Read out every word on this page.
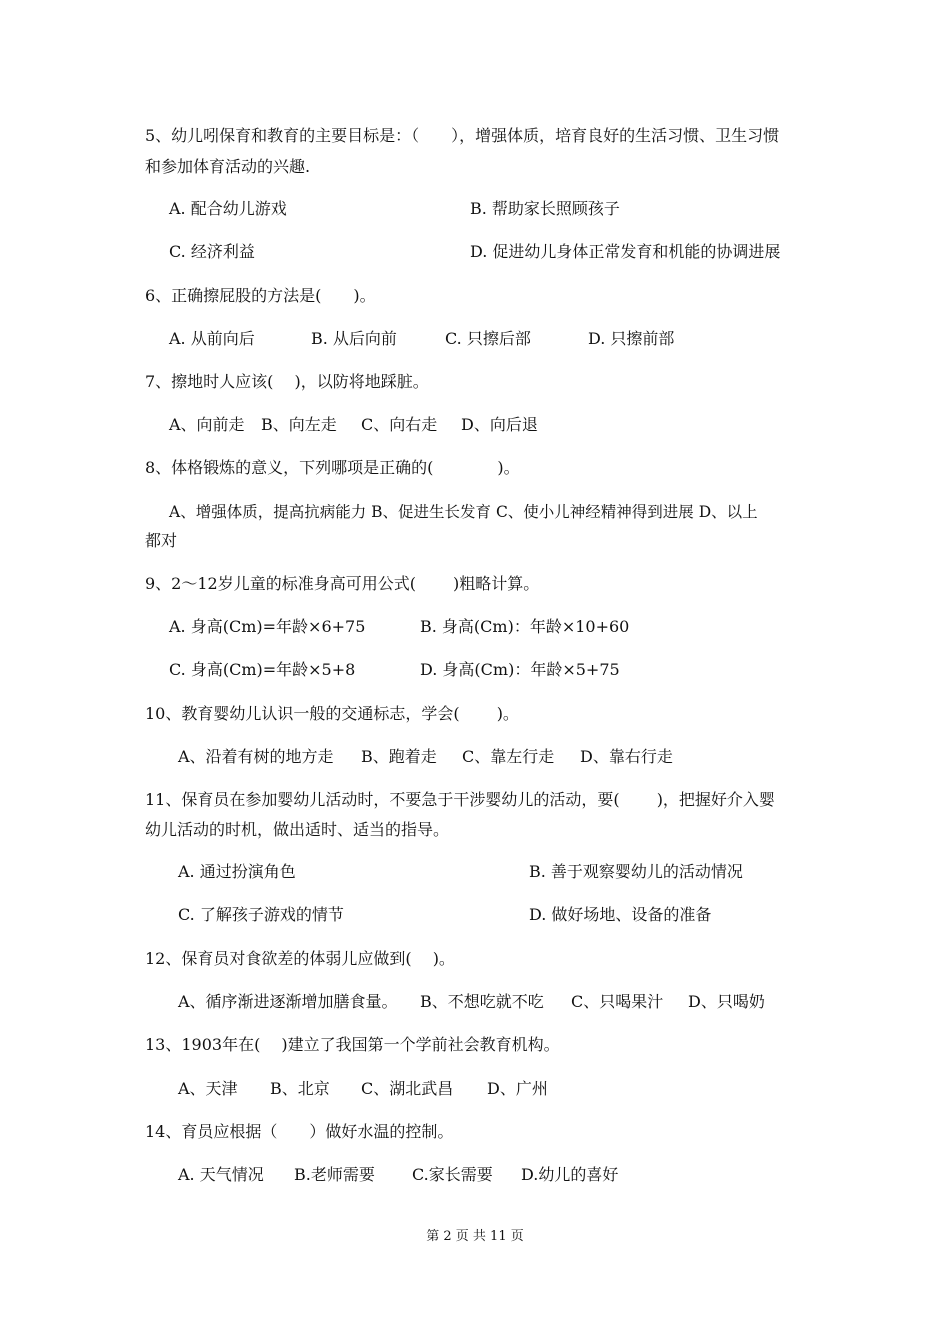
5、幼儿吲保育和教育的主要目标是：（　　），增强体质，培育良好的生活习惯、卫生习惯
和参加体育活动的兴趣.
A. 配合幼儿游戏	B. 帮助家长照顾孩子
C. 经济利益	D. 促进幼儿身体正常发育和机能的协调进展
6、正确擦屁股的方法是(　　)。
A. 从前向后	B. 从后向前	C. 只擦后部	D. 只擦前部
7、擦地时人应该(　 )，以防将地踩脏。
A、向前走 B、向左走 C、向右走 D、向后退
8、体格锻炼的意义，下列哪项是正确的(　　　　)。
A、增强体质，提高抗病能力 B、促进生长发育 C、使小儿神经精神得到进展 D、以上
都对
9、2～12岁儿童的标准身高可用公式(　　 )粗略计算。
A. 身高(Cm)=年龄×6+75	B. 身高(Cm)：年龄×10+60
C. 身高(Cm)=年龄×5+8	D. 身高(Cm)：年龄×5+75
10、教育婴幼儿认识一般的交通标志，学会(　　 )。
A、沿着有树的地方走 B、跑着走 C、靠左行走 D、靠右行走
11、保育员在参加婴幼儿活动时，不要急于干涉婴幼儿的活动，要(　　 )，把握好介入婴
幼儿活动的时机，做出适时、适当的指导。
A. 通过扮演角色	B. 善于观察婴幼儿的活动情况
C. 了解孩子游戏的情节	D. 做好场地、设备的准备
12、保育员对食欲差的体弱儿应做到(　 )。
A、循序渐进逐渐增加膳食量。 B、不想吃就不吃 C、只喝果汁 D、只喝奶
13、1903年在(　 )建立了我国第一个学前社会教育机构。
A、天津 B、北京 C、湖北武昌 D、广州
14、育员应根据（　　）做好水温的控制。
A. 天气情况 B.老师需要 C.家长需要 D.幼儿的喜好
第 2 页 共 11 页
